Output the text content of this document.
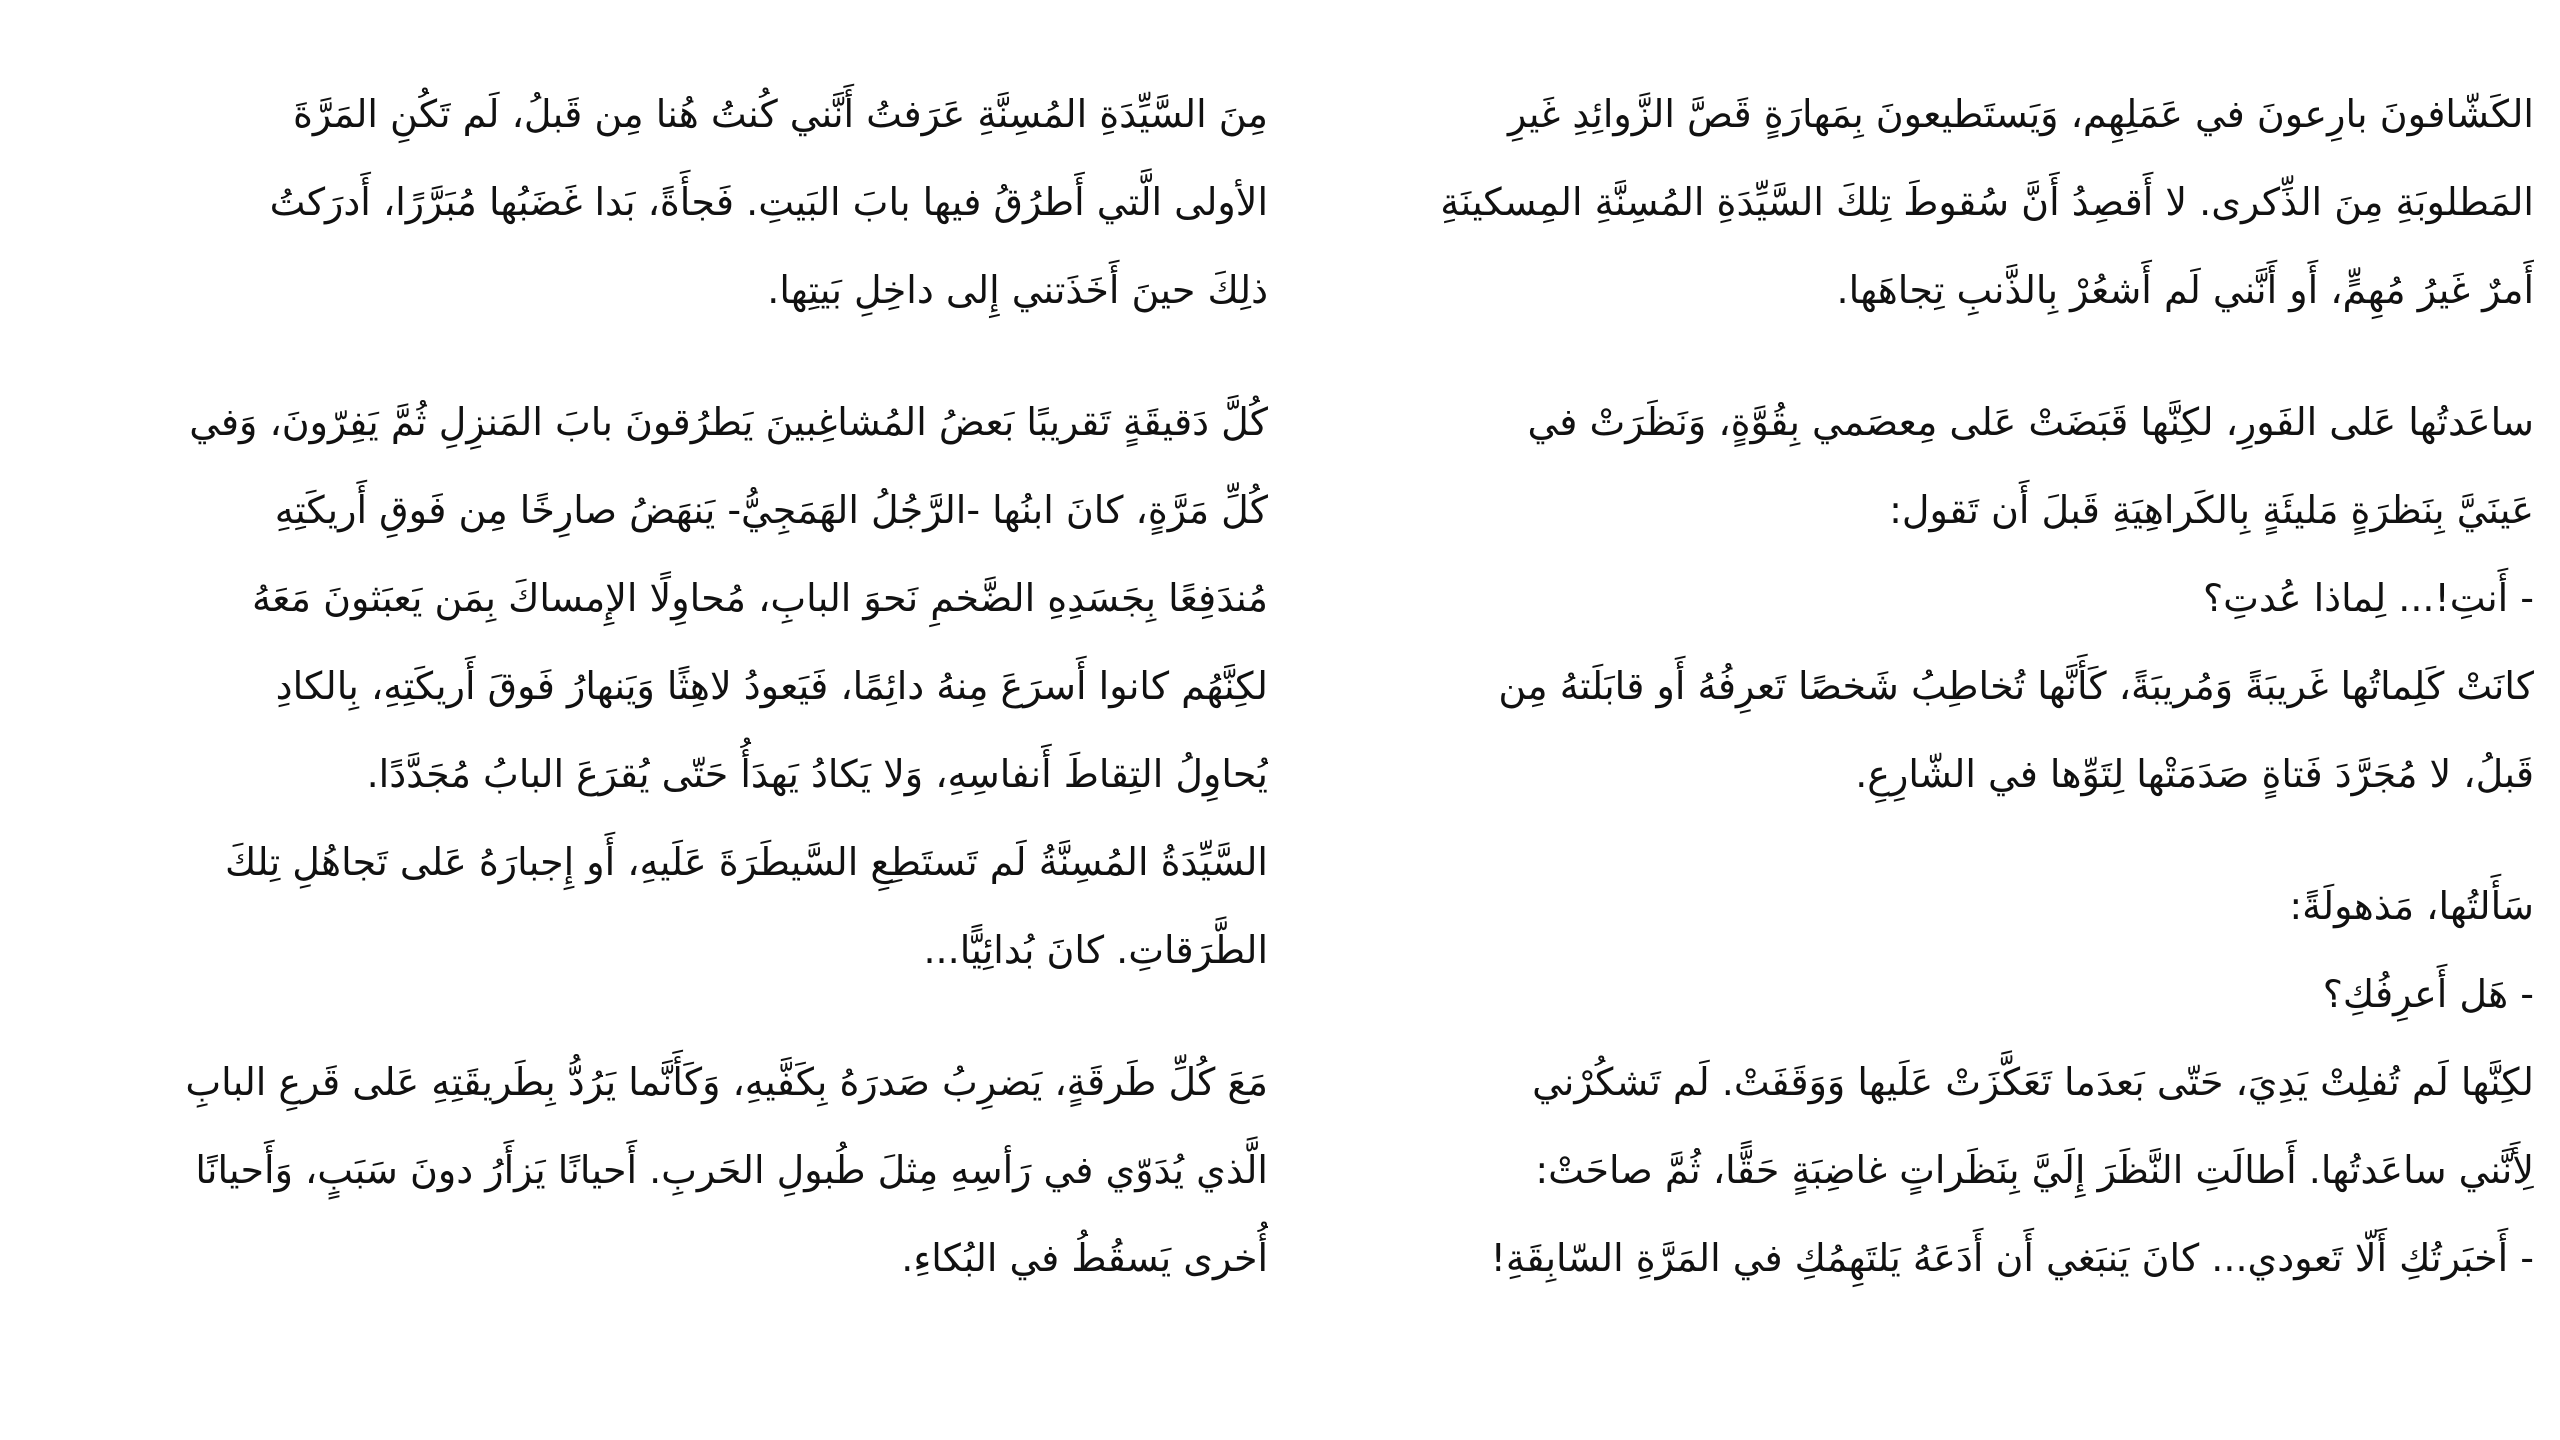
الكَشّافونَ بارِعونَ في عَمَلِهِم، وَيَستَطيعونَ بِمَهارَةٍ قَصَّ الزَّوائِدِ غَيرِ
المَطلوبَةِ مِنَ الذِّكرى. لا أَقصِدُ أَنَّ سُقوطَ تِلكَ السَّيِّدَةِ المُسِنَّةِ المِسكينَةِ
أَمرٌ غَيرُ مُهِمٍّ، أَو أَنَّني لَم أَشعُرْ بِالذَّنبِ تِجاهَها.

ساعَدتُها عَلى الفَورِ، لكِنَّها قَبَضَتْ عَلى مِعصَمي بِقُوَّةٍ، وَنَظَرَتْ في
عَينَيَّ بِنَظرَةٍ مَليئَةٍ بِالكَراهِيَةِ قَبلَ أَن تَقول:
- أَنتِ!... لِماذا عُدتِ؟

كانَتْ كَلِماتُها غَريبَةً وَمُريبَةً، كَأَنَّها تُخاطِبُ شَخصًا تَعرِفُهُ أَو قابَلَتهُ مِن
قَبلُ، لا مُجَرَّدَ فَتاةٍ صَدَمَتْها لِتَوِّها في الشّارِعِ.

سَأَلتُها، مَذهولَةً:
- هَل أَعرِفُكِ؟

لكِنَّها لَم تُفلِتْ يَدِيَ، حَتّى بَعدَما تَعَكَّزَتْ عَلَيها وَوَقَفَتْ. لَم تَشكُرْني
لِأَنَّني ساعَدتُها. أَطالَتِ النَّظَرَ إِلَيَّ بِنَظَراتٍ غاضِبَةٍ حَقًّا، ثُمَّ صاحَتْ:
- أَخبَرتُكِ أَلّا تَعودي... كانَ يَنبَغي أَن أَدَعَهُ يَلتَهِمُكِ في المَرَّةِ السّابِقَةِ!

مِنَ السَّيِّدَةِ المُسِنَّةِ عَرَفتُ أَنَّني كُنتُ هُنا مِن قَبلُ، لَم تَكُنِ المَرَّةَ
الأولى الَّتي أَطرُقُ فيها بابَ البَيتِ. فَجأَةً، بَدا غَضَبُها مُبَرَّرًا، أَدرَكتُ
ذلِكَ حينَ أَخَذَتني إِلى داخِلِ بَيتِها.

كُلَّ دَقيقَةٍ تَقريبًا بَعضُ المُشاغِبينَ يَطرُقونَ بابَ المَنزِلِ ثُمَّ يَفِرّونَ، وَفي
كُلِّ مَرَّةٍ، كانَ ابنُها -الرَّجُلُ الهَمَجِيُّ- يَنهَضُ صارِخًا مِن فَوقِ أَريكَتِهِ
مُندَفِعًا بِجَسَدِهِ الضَّخمِ نَحوَ البابِ، مُحاوِلًا الإِمساكَ بِمَن يَعبَثونَ مَعَهُ
لكِنَّهُم كانوا أَسرَعَ مِنهُ دائِمًا، فَيَعودُ لاهِثًا وَيَنهارُ فَوقَ أَريكَتِهِ، بِالكادِ
يُحاوِلُ التِقاطَ أَنفاسِهِ، وَلا يَكادُ يَهدَأُ حَتّى يُقرَعَ البابُ مُجَدَّدًا.

السَّيِّدَةُ المُسِنَّةُ لَم تَستَطِعِ السَّيطَرَةَ عَلَيهِ، أَو إِجبارَهُ عَلى تَجاهُلِ تِلكَ
الطَّرَقاتِ. كانَ بُدائِيًّا...

مَعَ كُلِّ طَرقَةٍ، يَضرِبُ صَدرَهُ بِكَفَّيهِ، وَكَأَنَّما يَرُدُّ بِطَريقَتِهِ عَلى قَرعِ البابِ
الَّذي يُدَوّي في رَأسِهِ مِثلَ طُبولِ الحَربِ. أَحيانًا يَزأَرُ دونَ سَبَبٍ، وَأَحيانًا
أُخرى يَسقُطُ في البُكاءِ.
